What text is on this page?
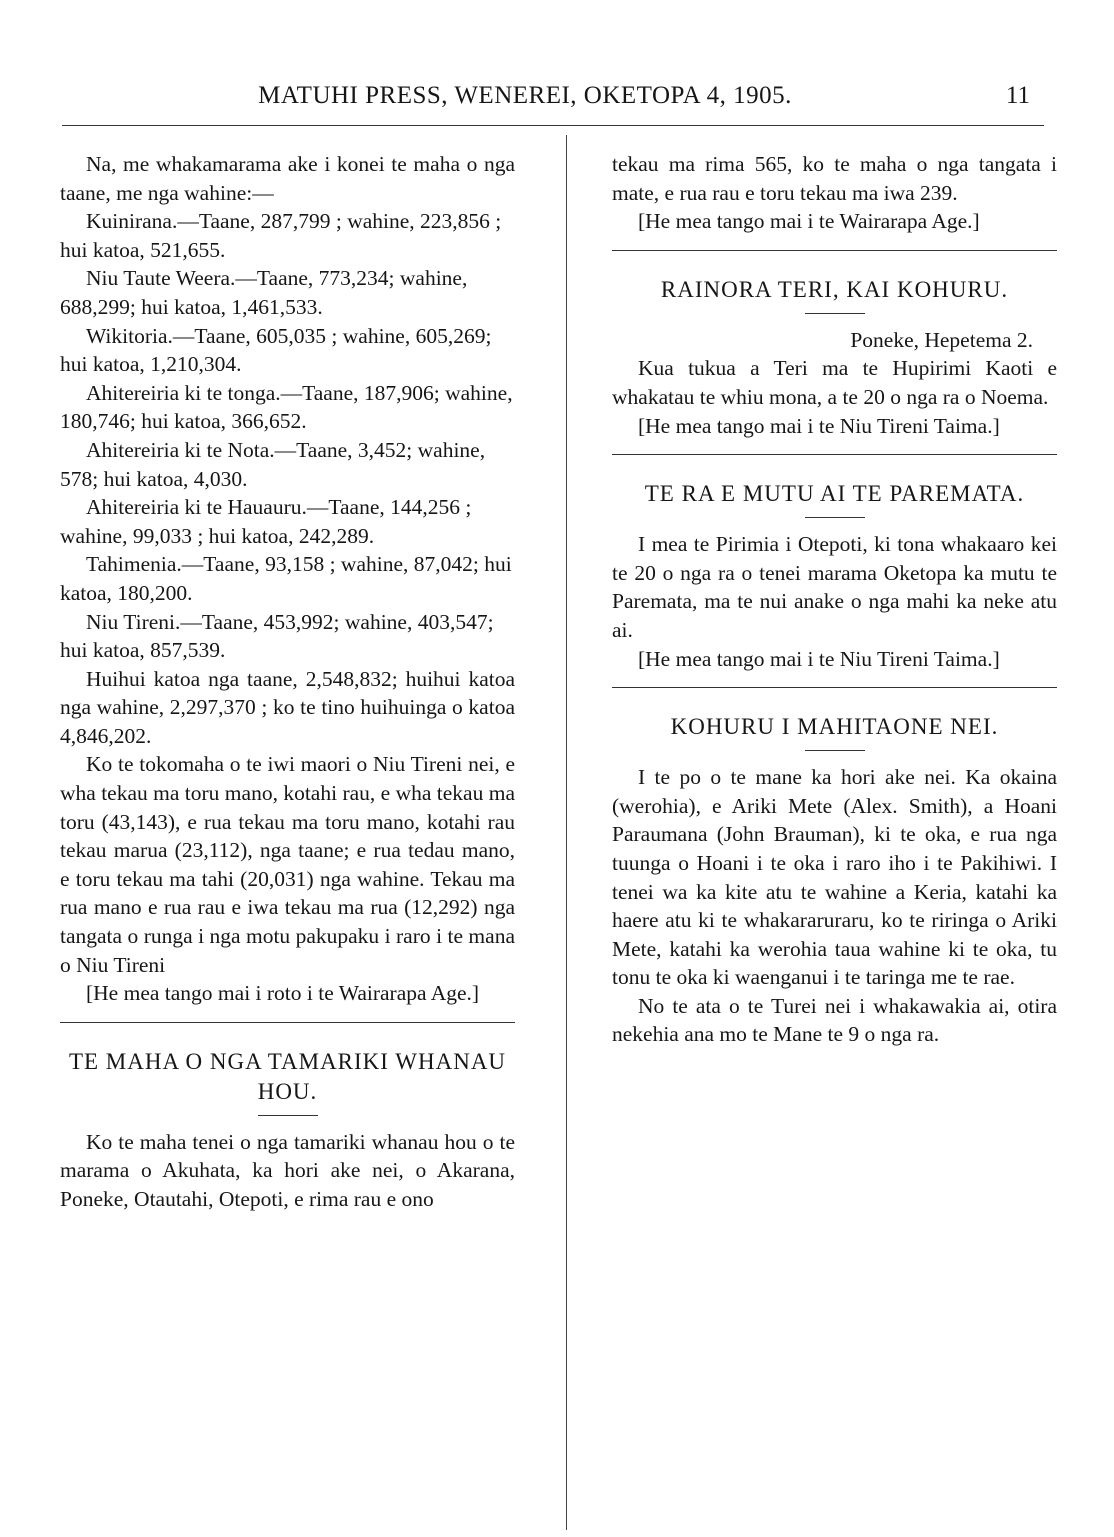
MATUHI PRESS, WENEREI, OKETOPA 4, 1905.	11

Na, me whakamarama ake i konei te maha o nga taane, me nga wahine:—

Kuinirana.—Taane, 287,799 ; wahine, 223,856 ; hui katoa, 521,655.

Niu Taute Weera.—Taane, 773,234; wahine, 688,299; hui katoa, 1,461,533.

Wikitoria.—Taane, 605,035 ; wahine, 605,269; hui katoa, 1,210,304.

Ahitereiria ki te tonga.—Taane, 187,906; wahine, 180,746; hui katoa, 366,652.

Ahitereiria ki te Nota.—Taane, 3,452; wahine, 578; hui katoa, 4,030.

Ahitereiria ki te Hauauru.—Taane, 144,256 ; wahine, 99,033 ; hui katoa, 242,289.

Tahimenia.—Taane, 93,158 ; wahine, 87,042; hui katoa, 180,200.

Niu Tireni.—Taane, 453,992; wahine, 403,547; hui katoa, 857,539.

Huihui katoa nga taane, 2,548,832; huihui katoa nga wahine, 2,297,370 ; ko te tino huihuinga o katoa 4,846,202.

Ko te tokomaha o te iwi maori o Niu Tireni nei, e wha tekau ma toru mano, kotahi rau, e wha tekau ma toru (43,143), e rua tekau ma toru mano, kotahi rau tekau marua (23,112), nga taane; e rua tedau mano, e toru tekau ma tahi (20,031) nga wahine. Tekau ma rua mano e rua rau e iwa tekau ma rua (12,292) nga tangata o runga i nga motu pakupaku i raro i te mana o Niu Tireni

[He mea tango mai i roto i te Wairarapa Age.]

TE MAHA O NGA TAMARIKI WHANAU HOU.

Ko te maha tenei o nga tamariki whanau hou o te marama o Akuhata, ka hori ake nei, o Akarana, Poneke, Otautahi, Otepoti, e rima rau e ono

tekau ma rima 565, ko te maha o nga tangata i mate, e rua rau e toru tekau ma iwa 239.

[He mea tango mai i te Wairarapa Age.]

RAINORA TERI, KAI KOHURU.
Poneke, Hepetema 2.

Kua tukua a Teri ma te Hupirimi Kaoti e whakatau te whiu mona, a te 20 o nga ra o Noema.

[He mea tango mai i te Niu Tireni Taima.]

TE RA E MUTU AI TE PAREMATA.

I mea te Pirimia i Otepoti, ki tona whakaaro kei te 20 o nga ra o tenei marama Oketopa ka mutu te Paremata, ma te nui anake o nga mahi ka neke atu ai.

[He mea tango mai i te Niu Tireni Taima.]

KOHURU I MAHITAONE NEI.

I te po o te mane ka hori ake nei. Ka okaina (werohia), e Ariki Mete (Alex. Smith), a Hoani Paraumana (John Brauman), ki te oka, e rua nga tuunga o Hoani i te oka i raro iho i te Pakihiwi. I tenei wa ka kite atu te wahine a Keria, katahi ka haere atu ki te whakararuraru, ko te riringa o Ariki Mete, katahi ka werohia taua wahine ki te oka, tu tonu te oka ki waenganui i te taringa me te rae.

No te ata o te Turei nei i whakawakia ai, otira nekehia ana mo te Mane te 9 o nga ra.
